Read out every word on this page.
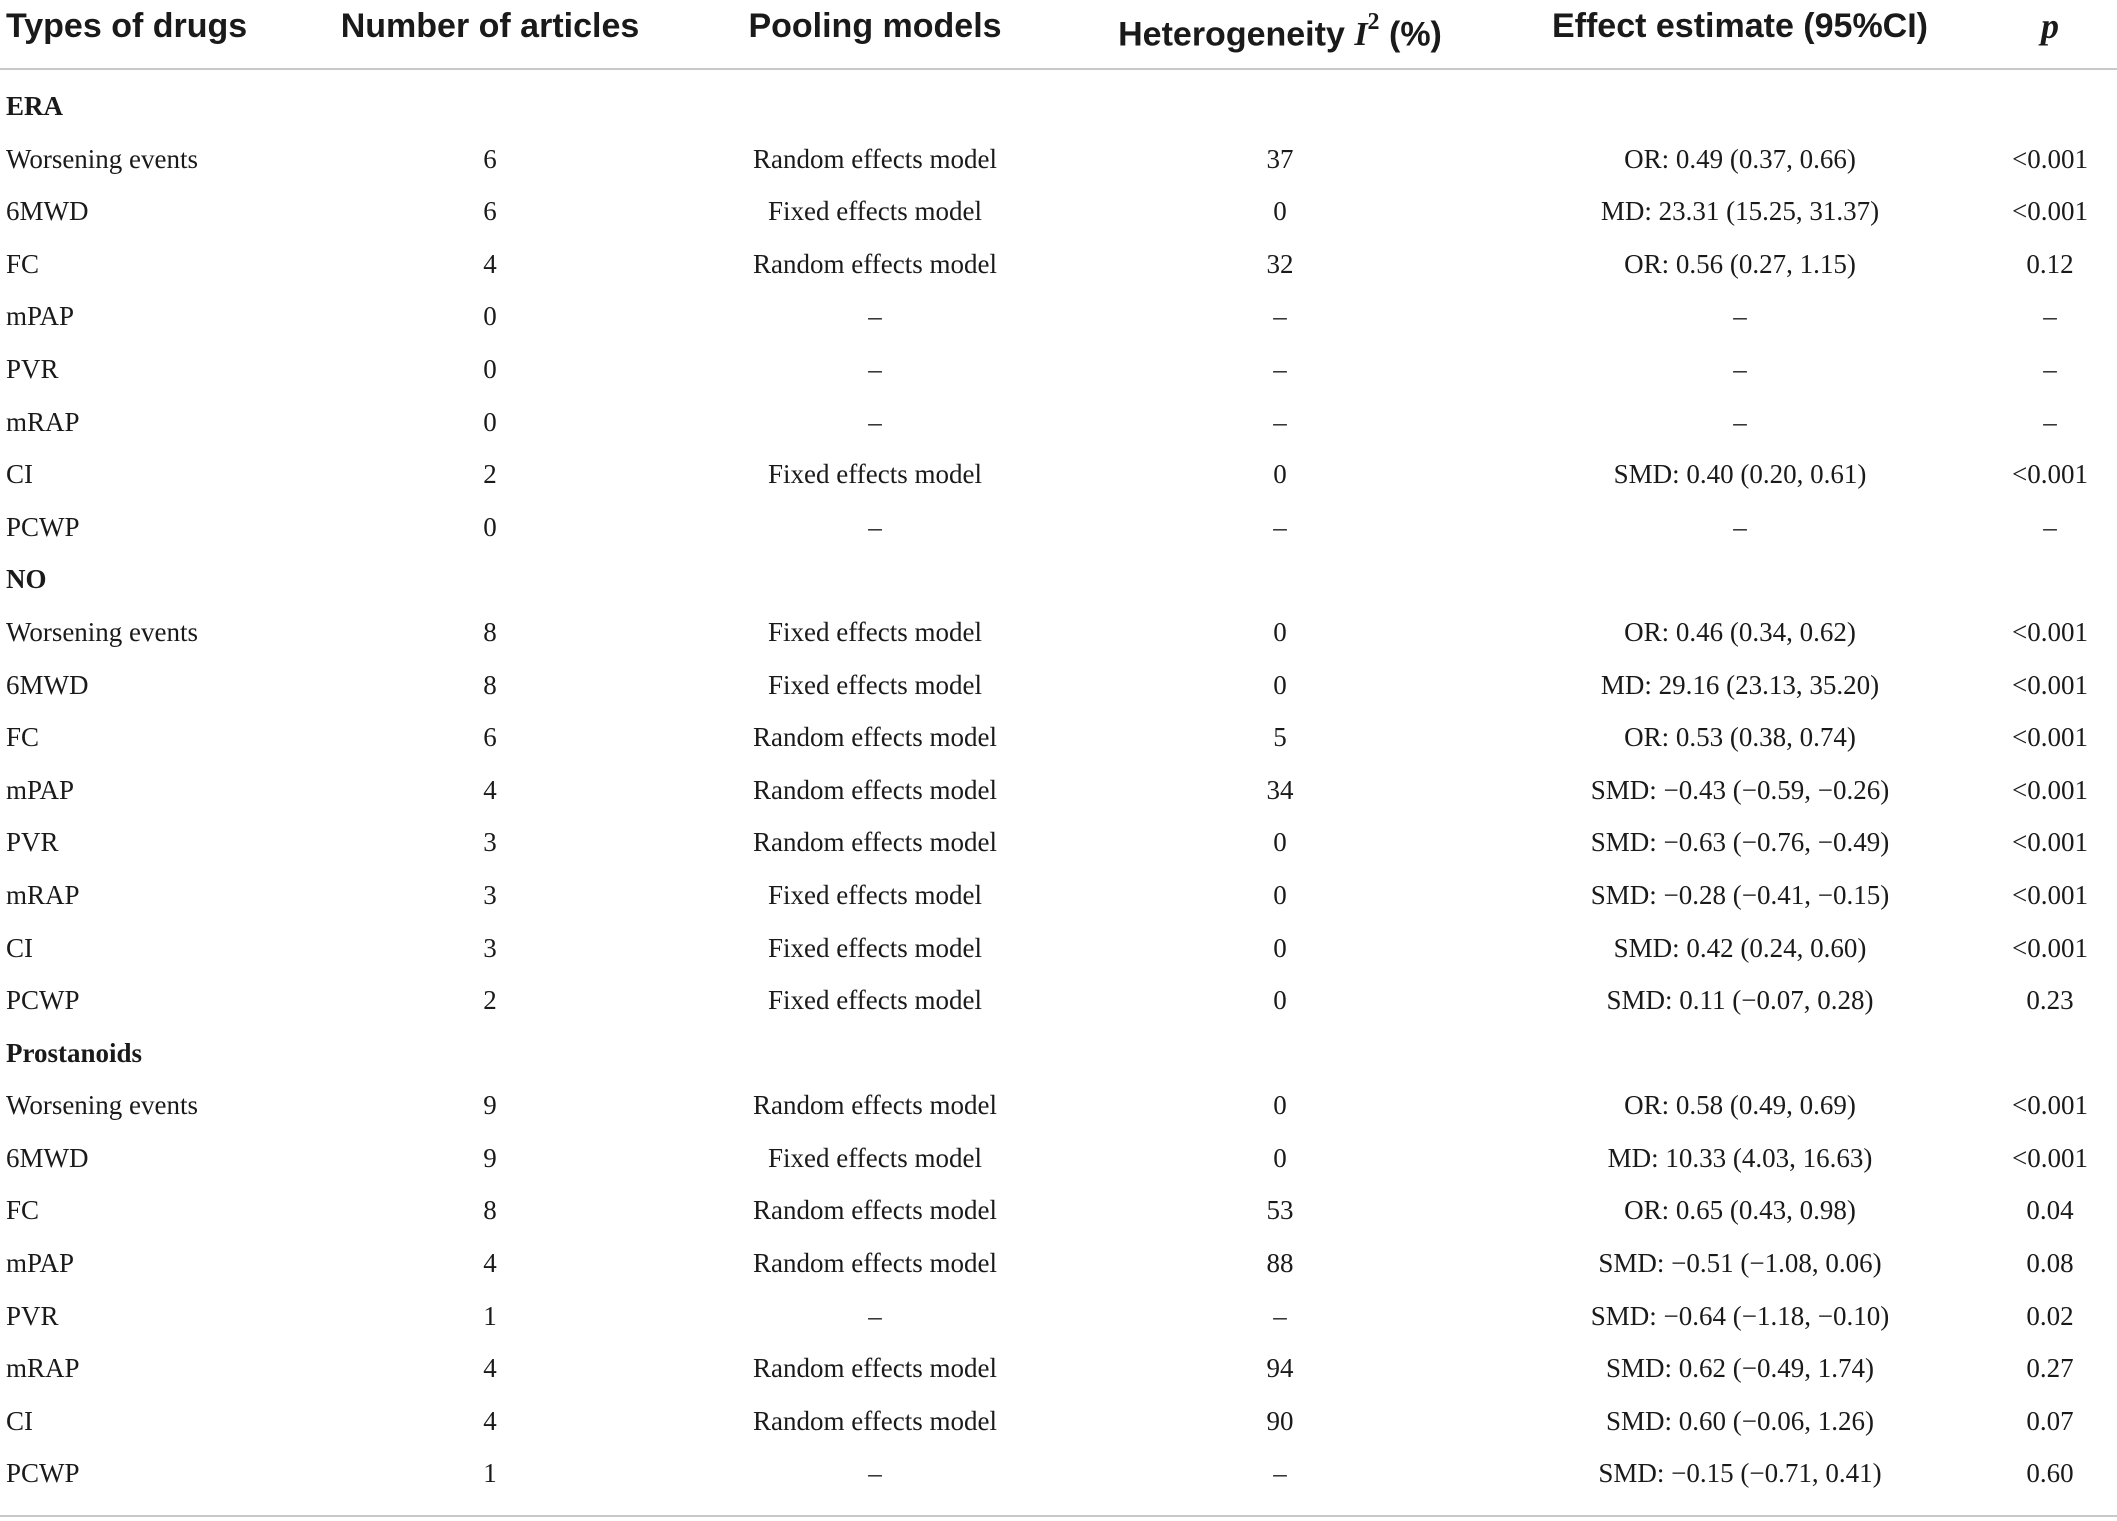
Types of drugs	Number of articles	Pooling models	Heterogeneity $I^2$ (%)	Effect estimate (95%CI)	p
ERA
Worsening events	6	Random effects model	37	OR: 0.49 (0.37, 0.66)	<0.001
6MWD	6	Fixed effects model	0	MD: 23.31 (15.25, 31.37)	<0.001
FC	4	Random effects model	32	OR: 0.56 (0.27, 1.15)	0.12
mPAP	0	–	–	–	–
PVR	0	–	–	–	–
mRAP	0	–	–	–	–
CI	2	Fixed effects model	0	SMD: 0.40 (0.20, 0.61)	<0.001
PCWP	0	–	–	–	–
NO
Worsening events	8	Fixed effects model	0	OR: 0.46 (0.34, 0.62)	<0.001
6MWD	8	Fixed effects model	0	MD: 29.16 (23.13, 35.20)	<0.001
FC	6	Random effects model	5	OR: 0.53 (0.38, 0.74)	<0.001
mPAP	4	Random effects model	34	SMD: −0.43 (−0.59, −0.26)	<0.001
PVR	3	Random effects model	0	SMD: −0.63 (−0.76, −0.49)	<0.001
mRAP	3	Fixed effects model	0	SMD: −0.28 (−0.41, −0.15)	<0.001
CI	3	Fixed effects model	0	SMD: 0.42 (0.24, 0.60)	<0.001
PCWP	2	Fixed effects model	0	SMD: 0.11 (−0.07, 0.28)	0.23
Prostanoids
Worsening events	9	Random effects model	0	OR: 0.58 (0.49, 0.69)	<0.001
6MWD	9	Fixed effects model	0	MD: 10.33 (4.03, 16.63)	<0.001
FC	8	Random effects model	53	OR: 0.65 (0.43, 0.98)	0.04
mPAP	4	Random effects model	88	SMD: −0.51 (−1.08, 0.06)	0.08
PVR	1	–	–	SMD: −0.64 (−1.18, −0.10)	0.02
mRAP	4	Random effects model	94	SMD: 0.62 (−0.49, 1.74)	0.27
CI	4	Random effects model	90	SMD: 0.60 (−0.06, 1.26)	0.07
PCWP	1	–	–	SMD: −0.15 (−0.71, 0.41)	0.60
